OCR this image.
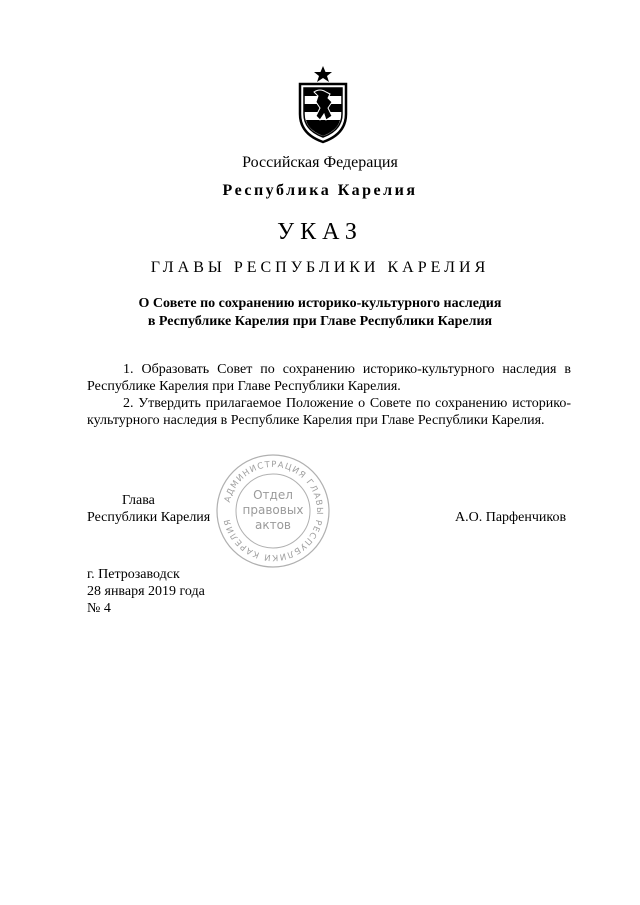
Российская Федерация
Республика Карелия
УКАЗ
ГЛАВЫ РЕСПУБЛИКИ КАРЕЛИЯ
О Совете по сохранению историко-культурного наследия
в Республике Карелия при Главе Республики Карелия

1. Образовать Совет по сохранению историко-культурного наследия в Республике Карелия при Главе Республики Карелия.

2. Утвердить прилагаемое Положение о Совете по сохранению историко-культурного наследия в Республике Карелия при Главе Республики Карелия.

Глава
Республики Карелия
АДМИНИСТРАЦИЯ ГЛАВЫ РЕСПУБЛИКИ КАРЕЛИЯ
Отдел
правовых
актов	А.О. Парфенчиков
г. Петрозаводск
28 января 2019 года
№ 4
